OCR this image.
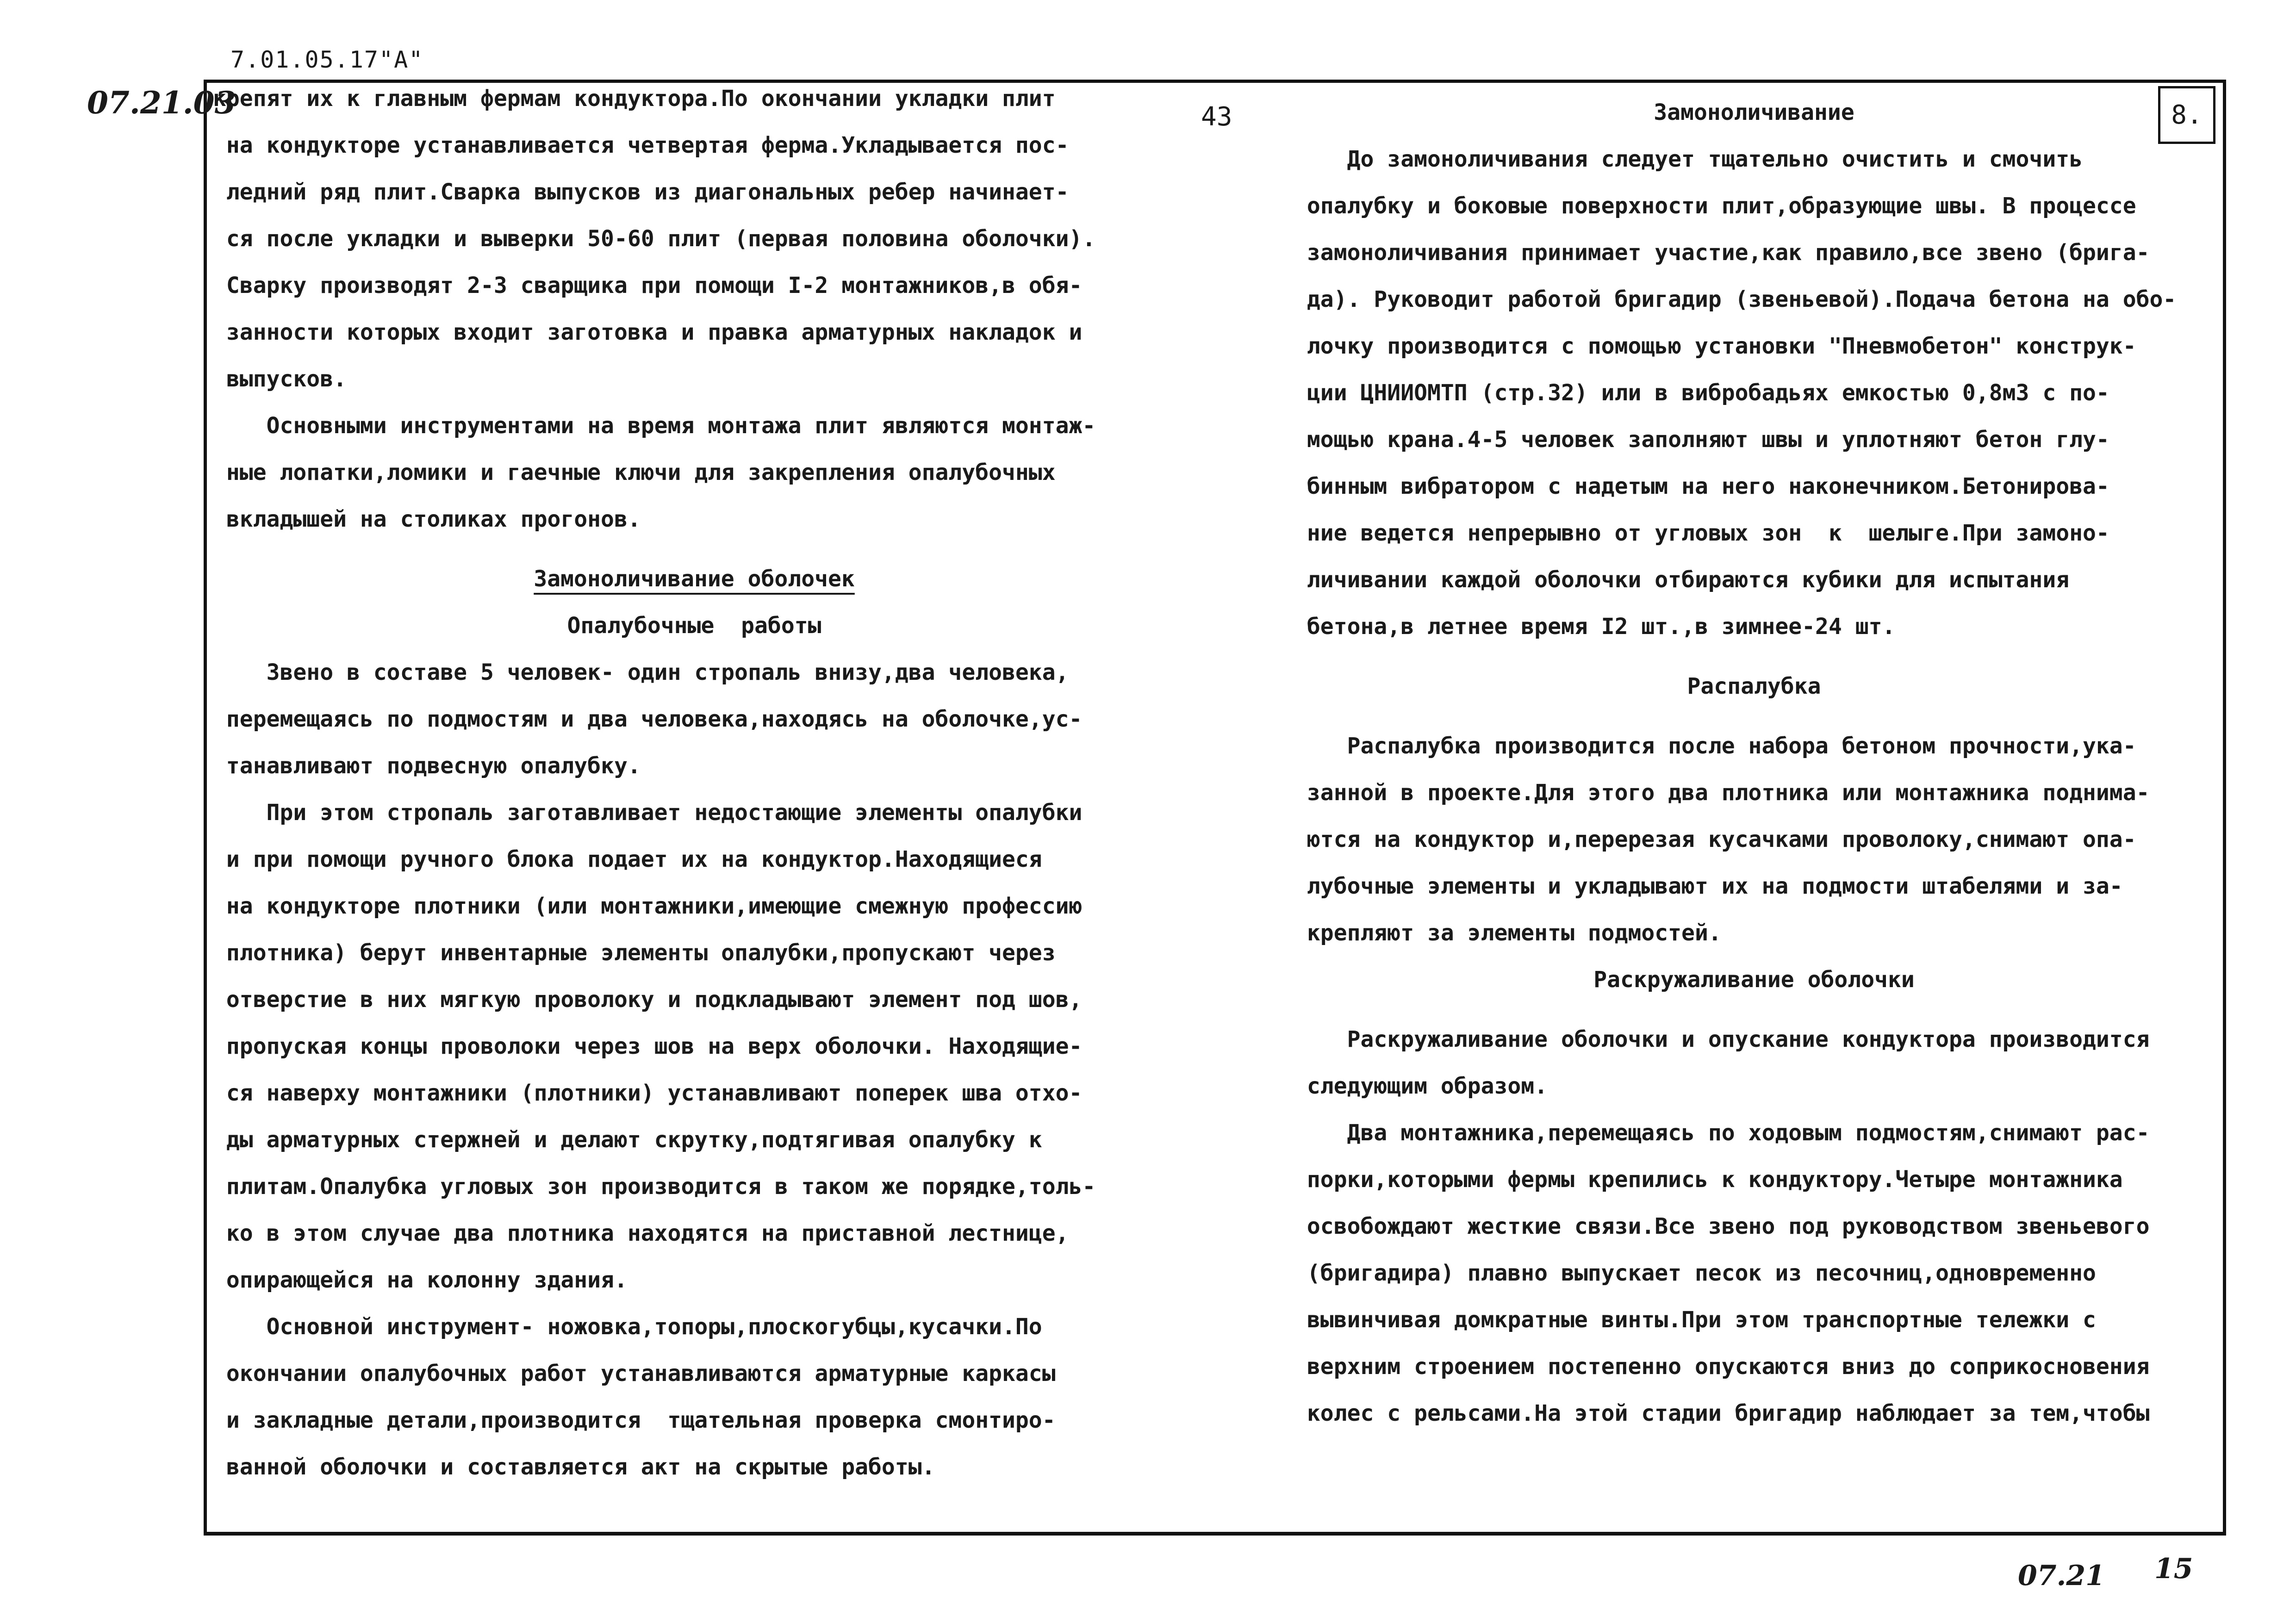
7.01.05.17"А"
07.21.03	43	8.
крепят их к главным фермам кондуктора.По окончании укладки плит
на кондукторе устанавливается четвертая ферма.Укладывается пос-
ледний ряд плит.Сварка выпусков из диагональных ребер начинает-
ся после укладки и выверки 50-60 плит (первая половина оболочки).
Сварку производят 2-3 сварщика при помощи I-2 монтажников,в обя-
занности которых входит заготовка и правка арматурных накладок и
выпусков.
Основными инструментами на время монтажа плит являются монтаж-
ные лопатки,ломики и гаечные ключи для закрепления опалубочных
вкладышей на столиках прогонов.
Замоноличивание оболочек
Опалубочные  работы
Звено в составе 5 человек- один стропаль внизу,два человека,
перемещаясь по подмостям и два человека,находясь на оболочке,ус-
танавливают подвесную опалубку.
При этом стропаль заготавливает недостающие элементы опалубки
и при помощи ручного блока подает их на кондуктор.Находящиеся
на кондукторе плотники (или монтажники,имеющие смежную профессию
плотника) берут инвентарные элементы опалубки,пропускают через
отверстие в них мягкую проволоку и подкладывают элемент под шов,
пропуская концы проволоки через шов на верх оболочки. Находящие-
ся наверху монтажники (плотники) устанавливают поперек шва отхо-
ды арматурных стержней и делают скрутку,подтягивая опалубку к
плитам.Опалубка угловых зон производится в таком же порядке,толь-
ко в этом случае два плотника находятся на приставной лестнице,
опирающейся на колонну здания.
Основной инструмент- ножовка,топоры,плоскогубцы,кусачки.По
окончании опалубочных работ устанавливаются арматурные каркасы
и закладные детали,производится  тщательная проверка смонтиро-
ванной оболочки и составляется акт на скрытые работы.
Замоноличивание
До замоноличивания следует тщательно очистить и смочить
опалубку и боковые поверхности плит,образующие швы. В процессе
замоноличивания принимает участие,как правило,все звено (брига-
да). Руководит работой бригадир (звеньевой).Подача бетона на обо-
лочку производится с помощью установки "Пневмобетон" конструк-
ции ЦНИИОМТП (стр.32) или в вибробадьях емкостью 0,8м3 с по-
мощью крана.4-5 человек заполняют швы и уплотняют бетон глу-
бинным вибратором с надетым на него наконечником.Бетонирова-
ние ведется непрерывно от угловых зон  к  шелыге.При замоно-
личивании каждой оболочки отбираются кубики для испытания
бетона,в летнее время I2 шт.,в зимнее-24 шт.
Распалубка
Распалубка производится после набора бетоном прочности,ука-
занной в проекте.Для этого два плотника или монтажника поднима-
ются на кондуктор и,перерезая кусачками проволоку,снимают опа-
лубочные элементы и укладывают их на подмости штабелями и за-
крепляют за элементы подмостей.
Раскружаливание оболочки
Раскружаливание оболочки и опускание кондуктора производится
следующим образом.
Два монтажника,перемещаясь по ходовым подмостям,снимают рас-
порки,которыми фермы крепились к кондуктору.Четыре монтажника
освобождают жесткие связи.Все звено под руководством звеньевого
(бригадира) плавно выпускает песок из песочниц,одновременно
вывинчивая домкратные винты.При этом транспортные тележки с
верхним строением постепенно опускаются вниз до соприкосновения
колес с рельсами.На этой стадии бригадир наблюдает за тем,чтобы
07.21 15
